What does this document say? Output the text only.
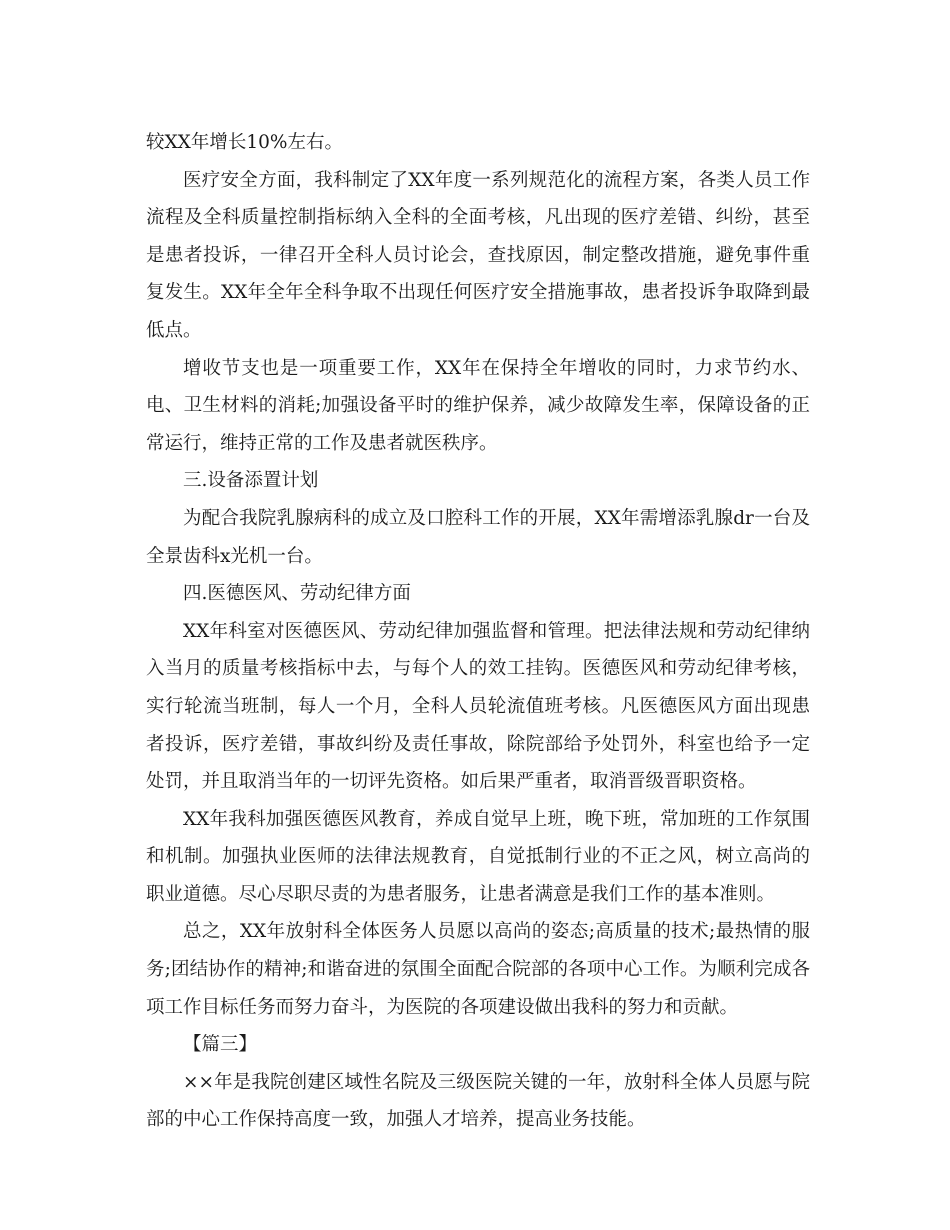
较XX年增长10%左右。

医疗安全方面，我科制定了XX年度一系列规范化的流程方案，各类人员工作流程及全科质量控制指标纳入全科的全面考核，凡出现的医疗差错、纠纷，甚至是患者投诉，一律召开全科人员讨论会，查找原因，制定整改措施，避免事件重复发生。XX年全年全科争取不出现任何医疗安全措施事故，患者投诉争取降到最低点。

增收节支也是一项重要工作，XX年在保持全年增收的同时，力求节约水、电、卫生材料的消耗;加强设备平时的维护保养，减少故障发生率，保障设备的正常运行，维持正常的工作及患者就医秩序。

三.设备添置计划

为配合我院乳腺病科的成立及口腔科工作的开展，XX年需增添乳腺dr一台及全景齿科x光机一台。

四.医德医风、劳动纪律方面

XX年科室对医德医风、劳动纪律加强监督和管理。把法律法规和劳动纪律纳入当月的质量考核指标中去，与每个人的效工挂钩。医德医风和劳动纪律考核，实行轮流当班制，每人一个月，全科人员轮流值班考核。凡医德医风方面出现患者投诉，医疗差错，事故纠纷及责任事故，除院部给予处罚外，科室也给予一定处罚，并且取消当年的一切评先资格。如后果严重者，取消晋级晋职资格。

XX年我科加强医德医风教育，养成自觉早上班，晚下班，常加班的工作氛围和机制。加强执业医师的法律法规教育，自觉抵制行业的不正之风，树立高尚的职业道德。尽心尽职尽责的为患者服务，让患者满意是我们工作的基本准则。

总之，XX年放射科全体医务人员愿以高尚的姿态;高质量的技术;最热情的服务;团结协作的精神;和谐奋进的氛围全面配合院部的各项中心工作。为顺利完成各项工作目标任务而努力奋斗，为医院的各项建设做出我科的努力和贡献。

【篇三】

××年是我院创建区域性名院及三级医院关键的一年，放射科全体人员愿与院部的中心工作保持高度一致，加强人才培养，提高业务技能。
